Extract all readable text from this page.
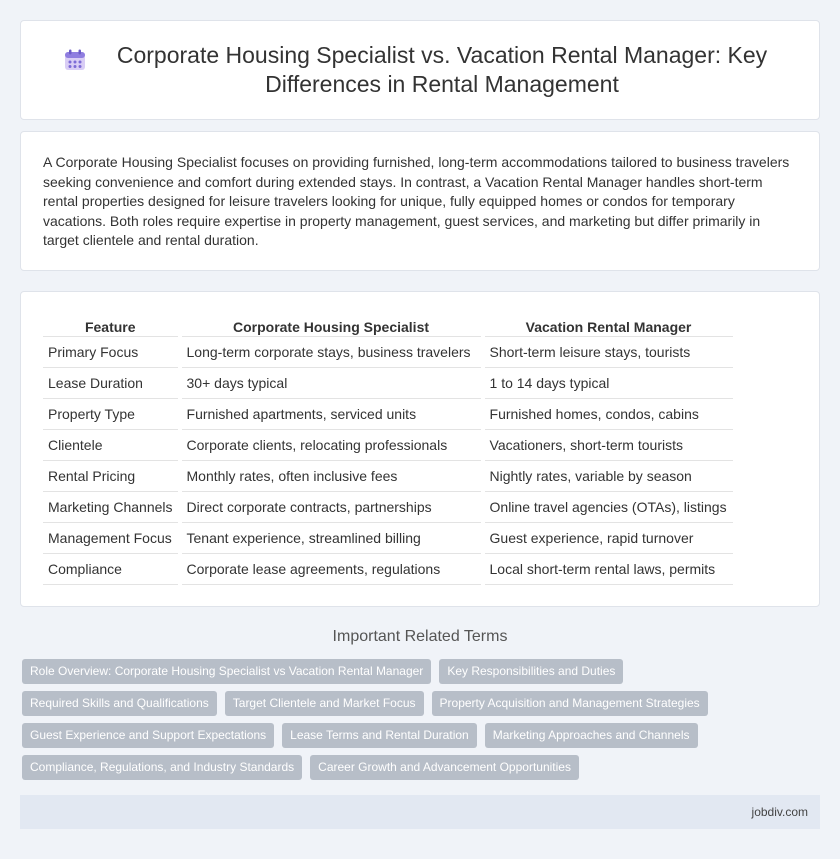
Corporate Housing Specialist vs. Vacation Rental Manager: Key Differences in Rental Management

A Corporate Housing Specialist focuses on providing furnished, long-term accommodations tailored to business travelers seeking convenience and comfort during extended stays. In contrast, a Vacation Rental Manager handles short-term rental properties designed for leisure travelers looking for unique, fully equipped homes or condos for temporary vacations. Both roles require expertise in property management, guest services, and marketing but differ primarily in target clientele and rental duration.

Feature		Corporate Housing Specialist		Vacation Rental Manager
Primary Focus		Long-term corporate stays, business travelers		Short-term leisure stays, tourists
Lease Duration		30+ days typical		1 to 14 days typical
Property Type		Furnished apartments, serviced units		Furnished homes, condos, cabins
Clientele		Corporate clients, relocating professionals		Vacationers, short-term tourists
Rental Pricing		Monthly rates, often inclusive fees		Nightly rates, variable by season
Marketing Channels		Direct corporate contracts, partnerships		Online travel agencies (OTAs), listings
Management Focus		Tenant experience, streamlined billing		Guest experience, rapid turnover
Compliance		Corporate lease agreements, regulations		Local short-term rental laws, permits
Important Related Terms
Role Overview: Corporate Housing Specialist vs Vacation Rental Manager	Key Responsibilities and Duties
Required Skills and Qualifications	Target Clientele and Market Focus	Property Acquisition and Management Strategies
Guest Experience and Support Expectations	Lease Terms and Rental Duration	Marketing Approaches and Channels
Compliance, Regulations, and Industry Standards	Career Growth and Advancement Opportunities
jobdiv.com
